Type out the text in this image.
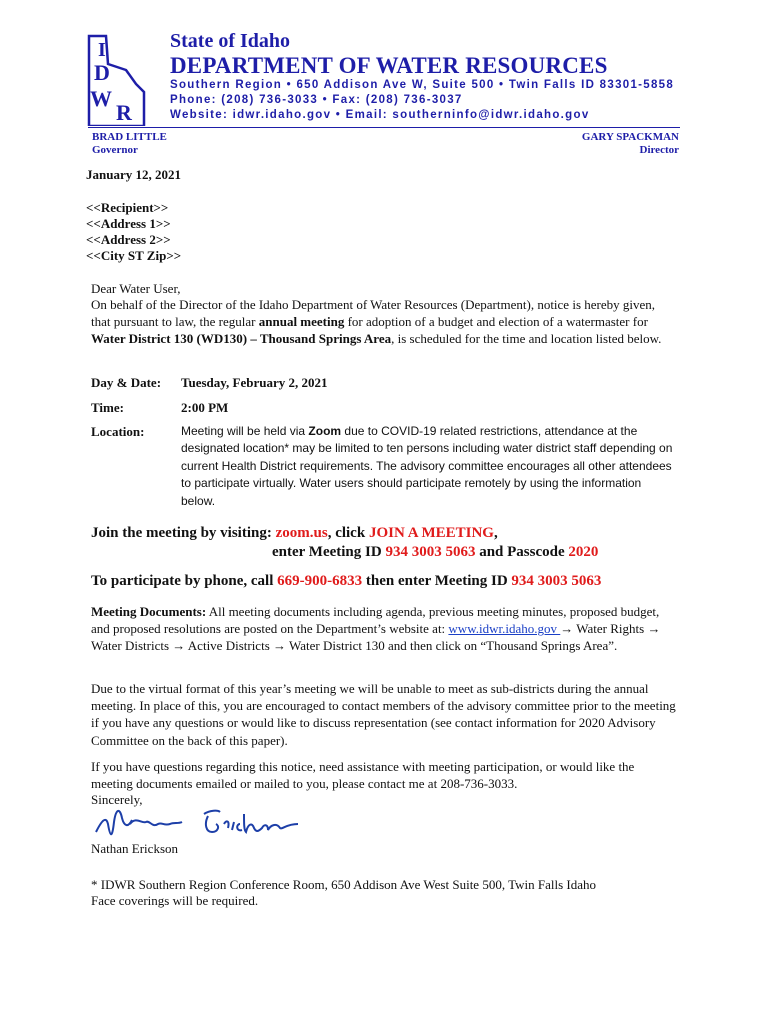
I
D
W
R
State of Idaho
DEPARTMENT OF WATER RESOURCES
Southern Region • 650 Addison Ave W, Suite 500 • Twin Falls ID 83301-5858
Phone: (208) 736-3033 • Fax: (208) 736-3037
Website: idwr.idaho.gov • Email: southerninfo@idwr.idaho.gov
BRAD LITTLE
Governor
GARY SPACKMAN
Director
January 12, 2021
<<Recipient>>
<<Address 1>>
<<Address 2>>
<<City ST Zip>>
Dear Water User,
On behalf of the Director of the Idaho Department of Water Resources (Department), notice is hereby given, that pursuant to law, the regular annual meeting for adoption of a budget and election of a watermaster for Water District 130 (WD130) – Thousand Springs Area, is scheduled for the time and location listed below.
Day & Date: Tuesday, February 2, 2021
Time:	2:00 PM
Location:	Meeting will be held via Zoom due to COVID-19 related restrictions, attendance at the designated location* may be limited to ten persons including water district staff depending on current Health District requirements. The advisory committee encourages all other attendees to participate virtually. Water users should participate remotely by using the information below.
Join the meeting by visiting: zoom.us, click JOIN A MEETING,
enter Meeting ID 934 3003 5063 and Passcode 2020
To participate by phone, call 669-900-6833 then enter Meeting ID 934 3003 5063
Meeting Documents: All meeting documents including agenda, previous meeting minutes, proposed budget, and proposed resolutions are posted on the Department’s website at: www.idwr.idaho.gov → Water Rights → Water Districts → Active Districts → Water District 130 and then click on “Thousand Springs Area”.
Due to the virtual format of this year’s meeting we will be unable to meet as sub-districts during the annual meeting. In place of this, you are encouraged to contact members of the advisory committee prior to the meeting if you have any questions or would like to discuss representation (see contact information for 2020 Advisory Committee on the back of this paper).
If you have questions regarding this notice, need assistance with meeting participation, or would like the meeting documents emailed or mailed to you, please contact me at 208-736-3033.
Sincerely,
Nathan Erickson
* IDWR Southern Region Conference Room, 650 Addison Ave West Suite 500, Twin Falls Idaho
Face coverings will be required.
